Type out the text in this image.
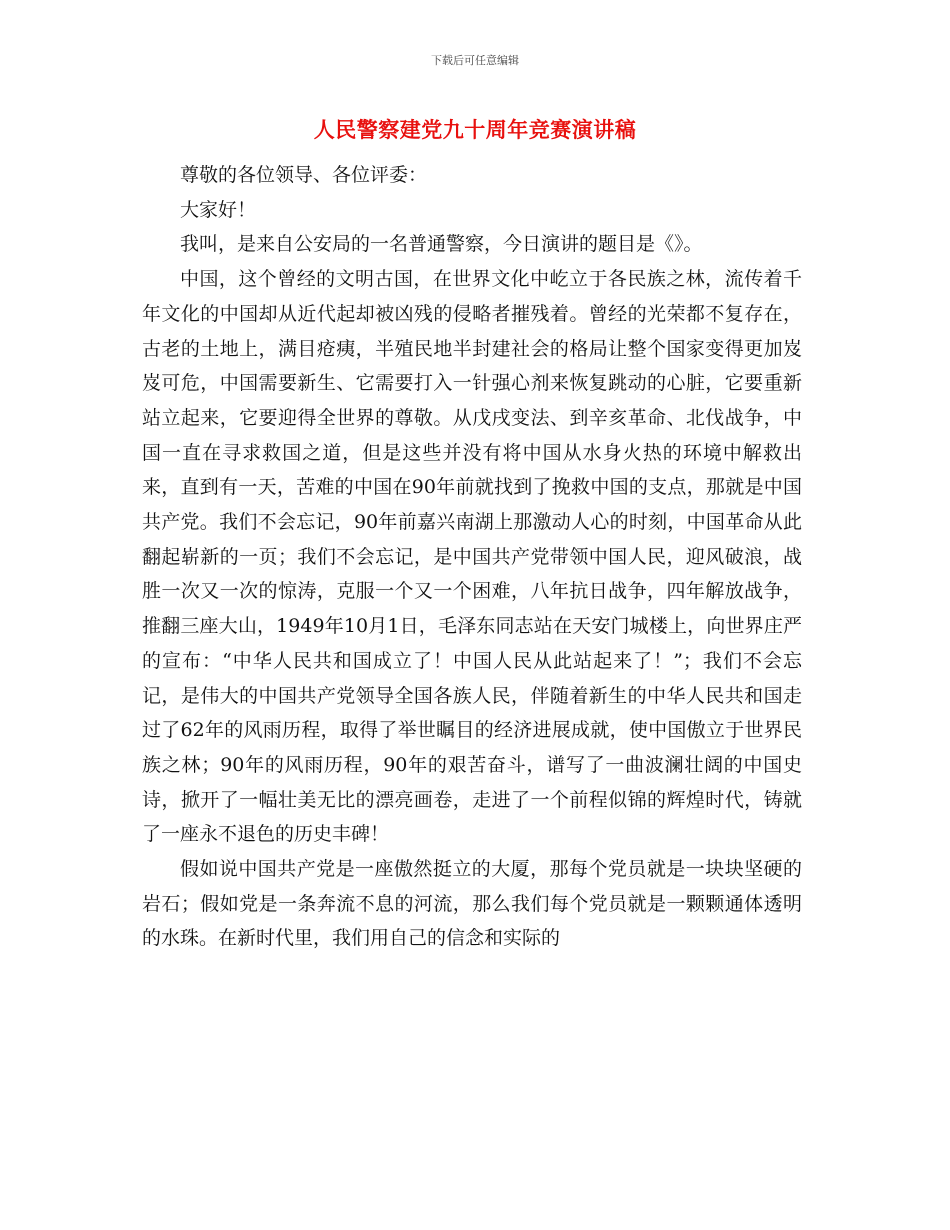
下载后可任意编辑
人民警察建党九十周年竞赛演讲稿

尊敬的各位领导、各位评委：

大家好！

我叫，是来自公安局的一名普通警察，今日演讲的题目是《》。

中国，这个曾经的文明古国，在世界文化中屹立于各民族之林，流传着千年文化的中国却从近代起却被凶残的侵略者摧残着。曾经的光荣都不复存在，古老的土地上，满目疮痍，半殖民地半封建社会的格局让整个国家变得更加岌岌可危，中国需要新生、它需要打入一针强心剂来恢复跳动的心脏，它要重新站立起来，它要迎得全世界的尊敬。从戊戌变法、到辛亥革命、北伐战争，中国一直在寻求救国之道，但是这些并没有将中国从水身火热的环境中解救出来，直到有一天，苦难的中国在90年前就找到了挽救中国的支点，那就是中国共产党。我们不会忘记，90年前嘉兴南湖上那激动人心的时刻，中国革命从此翻起崭新的一页；我们不会忘记，是中国共产党带领中国人民，迎风破浪，战胜一次又一次的惊涛，克服一个又一个困难，八年抗日战争，四年解放战争，推翻三座大山，1949年10月1日，毛泽东同志站在天安门城楼上，向世界庄严的宣布：“中华人民共和国成立了！中国人民从此站起来了！”；我们不会忘记，是伟大的中国共产党领导全国各族人民，伴随着新生的中华人民共和国走过了62年的风雨历程，取得了举世瞩目的经济进展成就，使中国傲立于世界民族之林；90年的风雨历程，90年的艰苦奋斗，谱写了一曲波澜壮阔的中国史诗，掀开了一幅壮美无比的漂亮画卷，走进了一个前程似锦的辉煌时代，铸就了一座永不退色的历史丰碑！

假如说中国共产党是一座傲然挺立的大厦，那每个党员就是一块块坚硬的岩石；假如党是一条奔流不息的河流，那么我们每个党员就是一颗颗通体透明的水珠。在新时代里，我们用自己的信念和实际的
